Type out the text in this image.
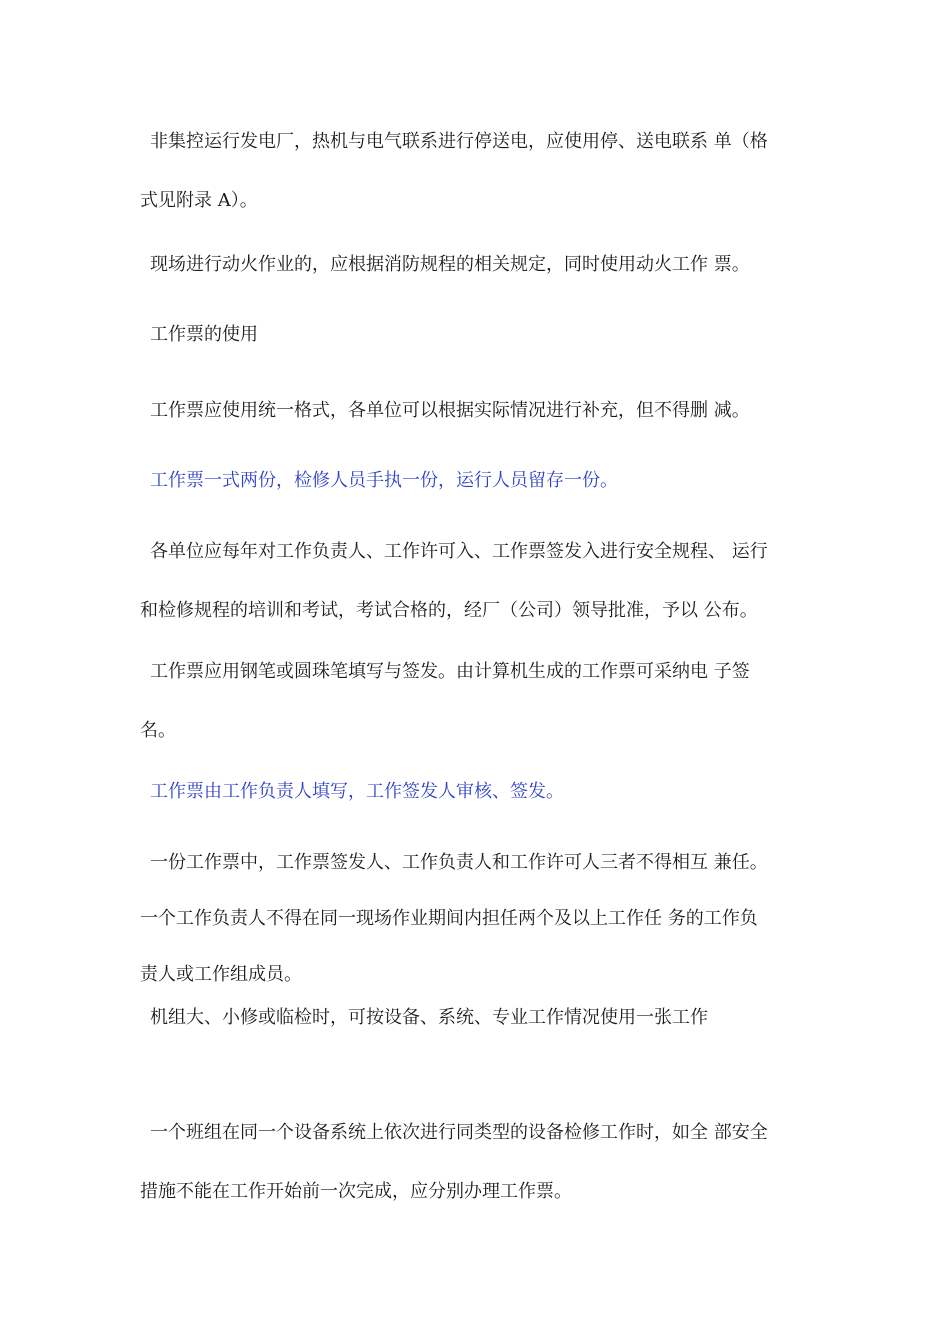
非集控运行发电厂，热机与电气联系进行停送电，应使用停、送电联系 单（格
式见附录 A）。
现场进行动火作业的，应根据消防规程的相关规定，同时使用动火工作 票。
工作票的使用
工作票应使用统一格式，各单位可以根据实际情况进行补充，但不得删 减。
工作票一式两份，检修人员手执一份，运行人员留存一份。
各单位应每年对工作负责人、工作许可入、工作票签发入进行安全规程、 运行
和检修规程的培训和考试，考试合格的，经厂（公司）领导批准，予以 公布。
工作票应用钢笔或圆珠笔填写与签发。由计算机生成的工作票可采纳电 子签
名。
工作票由工作负责人填写，工作签发人审核、签发。
一份工作票中，工作票签发人、工作负责人和工作许可人三者不得相互 兼任。
一个工作负责人不得在同一现场作业期间内担任两个及以上工作任 务的工作负
责人或工作组成员。
机组大、小修或临检时，可按设备、系统、专业工作情况使用一张工作
一个班组在同一个设备系统上依次进行同类型的设备检修工作时，如全 部安全
措施不能在工作开始前一次完成，应分别办理工作票。
